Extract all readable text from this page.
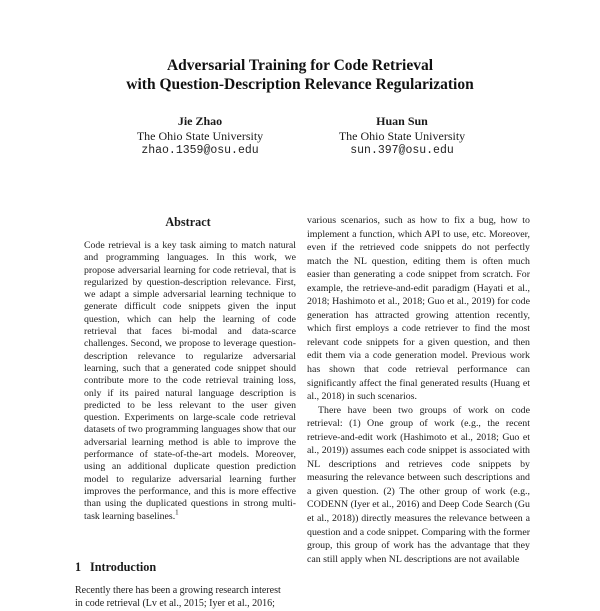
Adversarial Training for Code Retrieval
with Question-Description Relevance Regularization
Jie Zhao
The Ohio State University
zhao.1359@osu.edu
Huan Sun
The Ohio State University
sun.397@osu.edu
Abstract

Code retrieval is a key task aiming to match natural and programming languages. In this work, we propose adversarial learning for code retrieval, that is regularized by question-description relevance. First, we adapt a simple adversarial learning technique to generate difficult code snippets given the input question, which can help the learning of code retrieval that faces bi-modal and data-scarce challenges. Second, we propose to leverage question-description relevance to regularize adversarial learning, such that a generated code snippet should contribute more to the code retrieval training loss, only if its paired natural language description is predicted to be less relevant to the user given question. Experiments on large-scale code retrieval datasets of two programming languages show that our adversarial learning method is able to improve the performance of state-of-the-art models. Moreover, using an additional duplicate question prediction model to regularize adversarial learning further improves the performance, and this is more effective than using the duplicated questions in strong multi-task learning baselines.$^1$

1 Introduction

Recently there has been a growing research interest

in code retrieval (Lv et al., 2015; Iyer et al., 2016;

various scenarios, such as how to fix a bug, how to implement a function, which API to use, etc. Moreover, even if the retrieved code snippets do not perfectly match the NL question, editing them is often much easier than generating a code snippet from scratch. For example, the retrieve-and-edit paradigm (Hayati et al., 2018; Hashimoto et al., 2018; Guo et al., 2019) for code generation has attracted growing attention recently, which first employs a code retriever to find the most relevant code snippets for a given question, and then edit them via a code generation model. Previous work has shown that code retrieval performance can significantly affect the final generated results (Huang et al., 2018) in such scenarios.

There have been two groups of work on code retrieval: (1) One group of work (e.g., the recent retrieve-and-edit work (Hashimoto et al., 2018; Guo et al., 2019)) assumes each code snippet is associated with NL descriptions and retrieves code snippets by measuring the relevance between such descriptions and a given question. (2) The other group of work (e.g., CODENN (Iyer et al., 2016) and Deep Code Search (Gu et al., 2018)) directly measures the relevance between a question and a code snippet. Comparing with the former group, this group of work has the advantage that they can still apply when NL descriptions are not available
